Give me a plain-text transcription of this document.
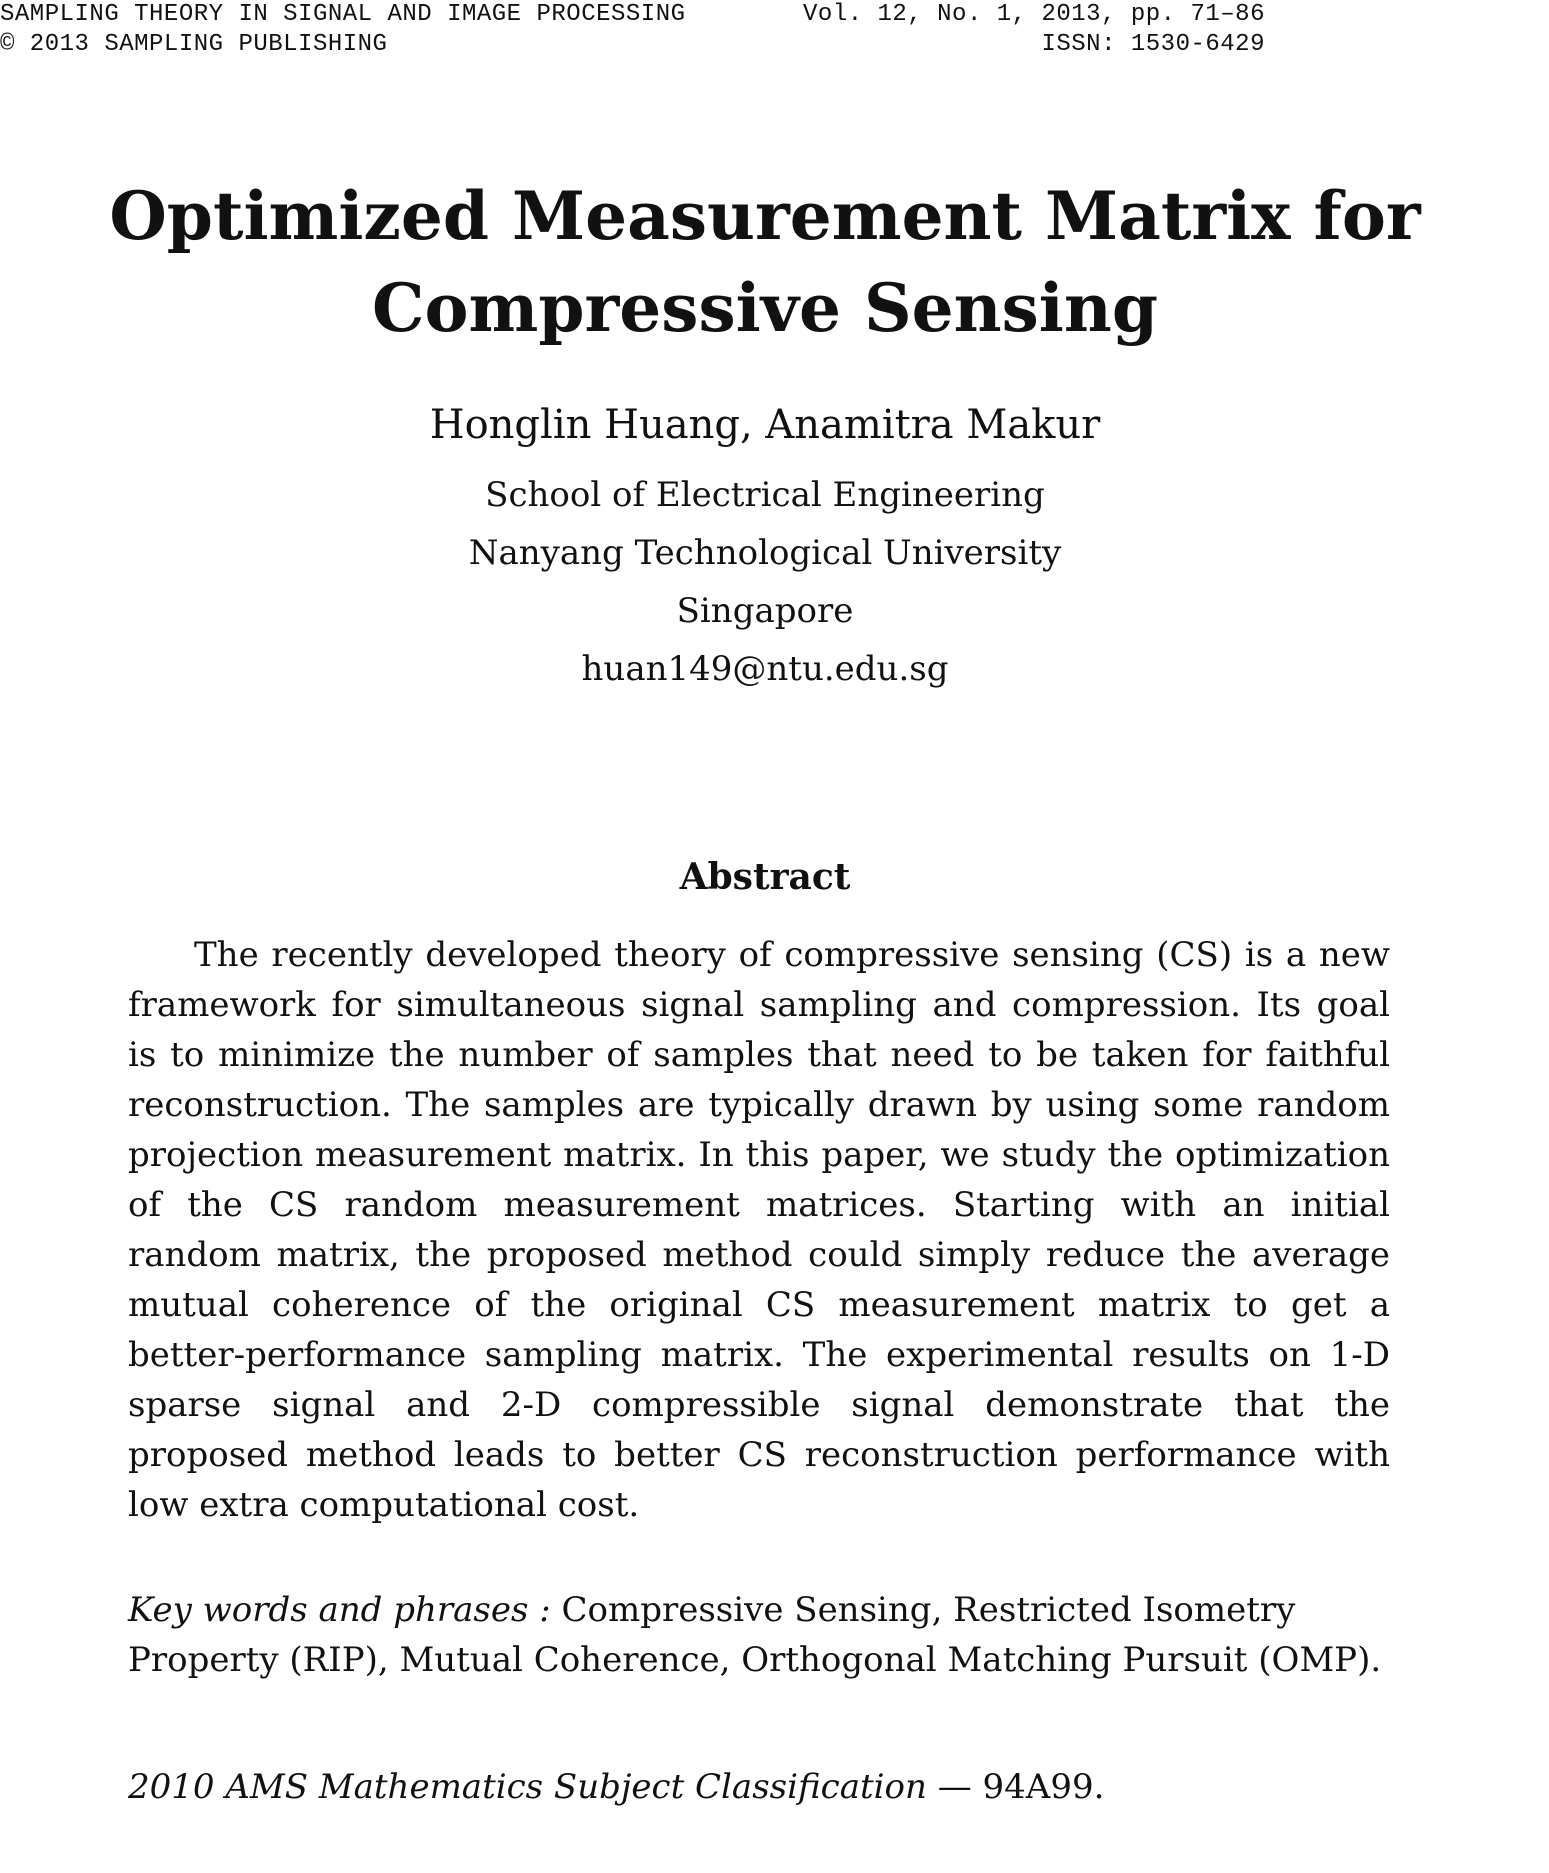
SAMPLING THEORY IN SIGNAL AND IMAGE PROCESSING
© 2013 SAMPLING PUBLISHING
Vol. 12, No. 1, 2013, pp. 71–86
ISSN: 1530-6429
Optimized Measurement Matrix for
Compressive Sensing
Honglin Huang, Anamitra Makur
School of Electrical Engineering
Nanyang Technological University
Singapore
huan149@ntu.edu.sg
Abstract
The recently developed theory of compressive sensing (CS) is a new framework for simultaneous signal sampling and compression. Its goal is to minimize the number of samples that need to be taken for faithful reconstruction. The samples are typically drawn by using some random projection measurement matrix. In this paper, we study the optimization of the CS random measurement matrices. Starting with an initial random matrix, the proposed method could simply reduce the average mutual coherence of the original CS measurement matrix to get a better-performance sampling matrix. The experimental results on 1-D sparse signal and 2-D compressible signal demonstrate that the proposed method leads to better CS reconstruction performance with low extra computational cost.
Key words and phrases : Compressive Sensing, Restricted Isometry Property (RIP), Mutual Coherence, Orthogonal Matching Pursuit (OMP).
2010 AMS Mathematics Subject Classification — 94A99.
